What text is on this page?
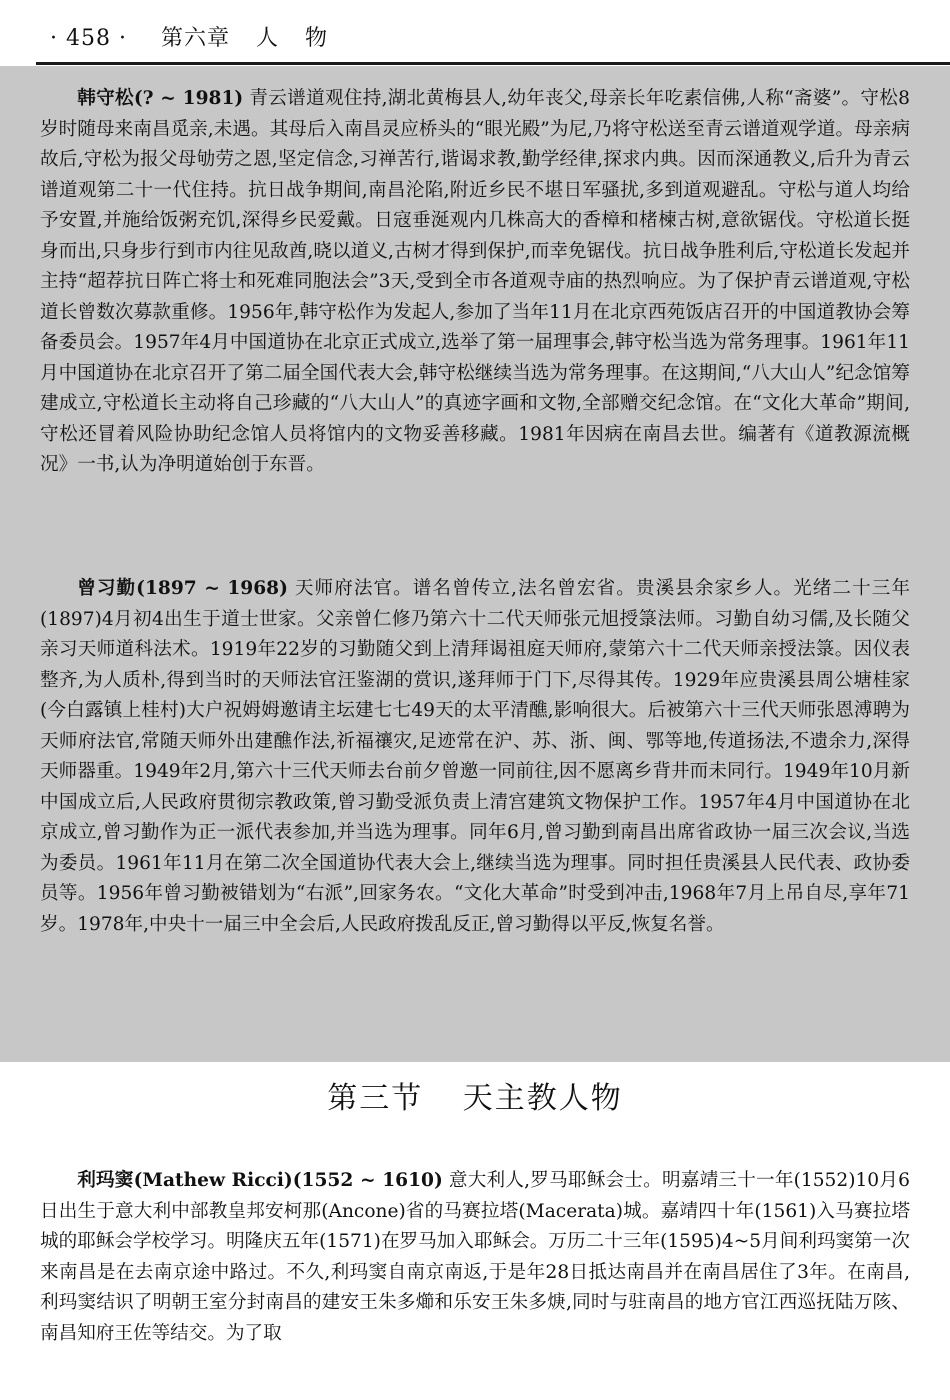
· 458 · 第六章 人 物

韩守松(? ~ 1981) 青云谱道观住持,湖北黄梅县人,幼年丧父,母亲长年吃素信佛,人称“斋婆”。守松8岁时随母来南昌觅亲,未遇。其母后入南昌灵应桥头的“眼光殿”为尼,乃将守松送至青云谱道观学道。母亲病故后,守松为报父母劬劳之恩,坚定信念,习禅苦行,谐谒求教,勤学经律,探求内典。因而深通教义,后升为青云谱道观第二十一代住持。抗日战争期间,南昌沦陷,附近乡民不堪日军骚扰,多到道观避乱。守松与道人均给予安置,并施给饭粥充饥,深得乡民爱戴。日寇垂涎观内几株高大的香樟和楮楝古树,意欲锯伐。守松道长挺身而出,只身步行到市内往见敌酋,晓以道义,古树才得到保护,而幸免锯伐。抗日战争胜利后,守松道长发起并主持“超荐抗日阵亡将士和死难同胞法会”3天,受到全市各道观寺庙的热烈响应。为了保护青云谱道观,守松道长曾数次募款重修。1956年,韩守松作为发起人,参加了当年11月在北京西苑饭店召开的中国道教协会筹备委员会。1957年4月中国道协在北京正式成立,选举了第一届理事会,韩守松当选为常务理事。1961年11月中国道协在北京召开了第二届全国代表大会,韩守松继续当选为常务理事。在这期间,“八大山人”纪念馆筹建成立,守松道长主动将自己珍藏的“八大山人”的真迹字画和文物,全部赠交纪念馆。在“文化大革命”期间,守松还冒着风险协助纪念馆人员将馆内的文物妥善移藏。1981年因病在南昌去世。编著有《道教源流概况》一书,认为净明道始创于东晋。

曾习勤(1897 ~ 1968) 天师府法官。谱名曾传立,法名曾宏省。贵溪县余家乡人。光绪二十三年(1897)4月初4出生于道士世家。父亲曾仁修乃第六十二代天师张元旭授箓法师。习勤自幼习儒,及长随父亲习天师道科法术。1919年22岁的习勤随父到上清拜谒祖庭天师府,蒙第六十二代天师亲授法箓。因仪表整齐,为人质朴,得到当时的天师法官汪鉴湖的赏识,遂拜师于门下,尽得其传。1929年应贵溪县周公塘桂家(今白露镇上桂村)大户祝姆姆邀请主坛建七七49天的太平清醮,影响很大。后被第六十三代天师张恩溥聘为天师府法官,常随天师外出建醮作法,祈福禳灾,足迹常在沪、苏、浙、闽、鄂等地,传道扬法,不遗余力,深得天师器重。1949年2月,第六十三代天师去台前夕曾邀一同前往,因不愿离乡背井而未同行。1949年10月新中国成立后,人民政府贯彻宗教政策,曾习勤受派负责上清宫建筑文物保护工作。1957年4月中国道协在北京成立,曾习勤作为正一派代表参加,并当选为理事。同年6月,曾习勤到南昌出席省政协一届三次会议,当选为委员。1961年11月在第二次全国道协代表大会上,继续当选为理事。同时担任贵溪县人民代表、政协委员等。1956年曾习勤被错划为“右派”,回家务农。“文化大革命”时受到冲击,1968年7月上吊自尽,享年71岁。1978年,中央十一届三中全会后,人民政府拨乱反正,曾习勤得以平反,恢复名誉。

第三节 天主教人物

利玛窦(Mathew Ricci)(1552 ~ 1610) 意大利人,罗马耶稣会士。明嘉靖三十一年(1552)10月6日出生于意大利中部教皇邦安柯那(Ancone)省的马赛拉塔(Macerata)城。嘉靖四十年(1561)入马赛拉塔城的耶稣会学校学习。明隆庆五年(1571)在罗马加入耶稣会。万历二十三年(1595)4~5月间利玛窦第一次来南昌是在去南京途中路过。不久,利玛窦自南京南返,于是年28日抵达南昌并在南昌居住了3年。在南昌,利玛窦结识了明朝王室分封南昌的建安王朱多㸅和乐安王朱多焿,同时与驻南昌的地方官江西巡抚陆万陔、南昌知府王佐等结交。为了取
